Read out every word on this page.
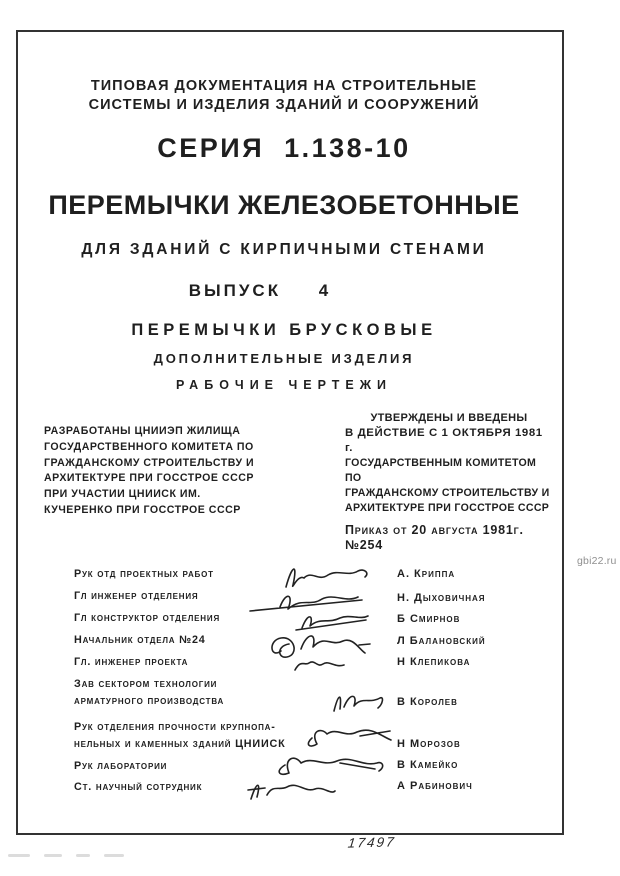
ТИПОВАЯ ДОКУМЕНТАЦИЯ НА СТРОИТЕЛЬНЫЕ
СИСТЕМЫ И ИЗДЕЛИЯ ЗДАНИЙ И СООРУЖЕНИЙ
СЕРИЯ 1.138-10
ПЕРЕМЫЧКИ ЖЕЛЕЗОБЕТОННЫЕ
ДЛЯ ЗДАНИЙ С КИРПИЧНЫМИ СТЕНАМИ
ВЫПУСК 4
ПЕРЕМЫЧКИ БРУСКОВЫЕ
ДОПОЛНИТЕЛЬНЫЕ ИЗДЕЛИЯ
РАБОЧИЕ ЧЕРТЕЖИ
РАЗРАБОТАНЫ ЦНИИЭП ЖИЛИЩА
ГОСУДАРСТВЕННОГО КОМИТЕТА ПО
ГРАЖДАНСКОМУ СТРОИТЕЛЬСТВУ И
АРХИТЕКТУРЕ ПРИ ГОССТРОЕ СССР
ПРИ УЧАСТИИ ЦНИИСК ИМ.
КУЧЕРЕНКО ПРИ ГОССТРОЕ СССР
УТВЕРЖДЕНЫ И ВВЕДЕНЫ
В ДЕЙСТВИЕ С 1 ОКТЯБРЯ 1981 г.
ГОСУДАРСТВЕННЫМ КОМИТЕТОМ ПО
ГРАЖДАНСКОМУ СТРОИТЕЛЬСТВУ И
АРХИТЕКТУРЕ ПРИ ГОССТРОЕ СССР
Приказ от 20 августа 1981г. №254
Рук отд проектных работ
Гл инженер отделения
Гл конструктор отделения
Начальник отдела №24
Гл. инженер проекта
Зав сектором технологии
арматурного производства
Рук отделения прочности крупнопа-
нельных и каменных зданий ЦНИИСК
Рук лаборатории
Ст. научный сотрудник
А. Криппа
Н. Дыховичная
Б Смирнов
Л Балановский
Н Клепикова
В Королев
Н Морозов
В Камейко
А Рабинович
17497
gbi22.ru
